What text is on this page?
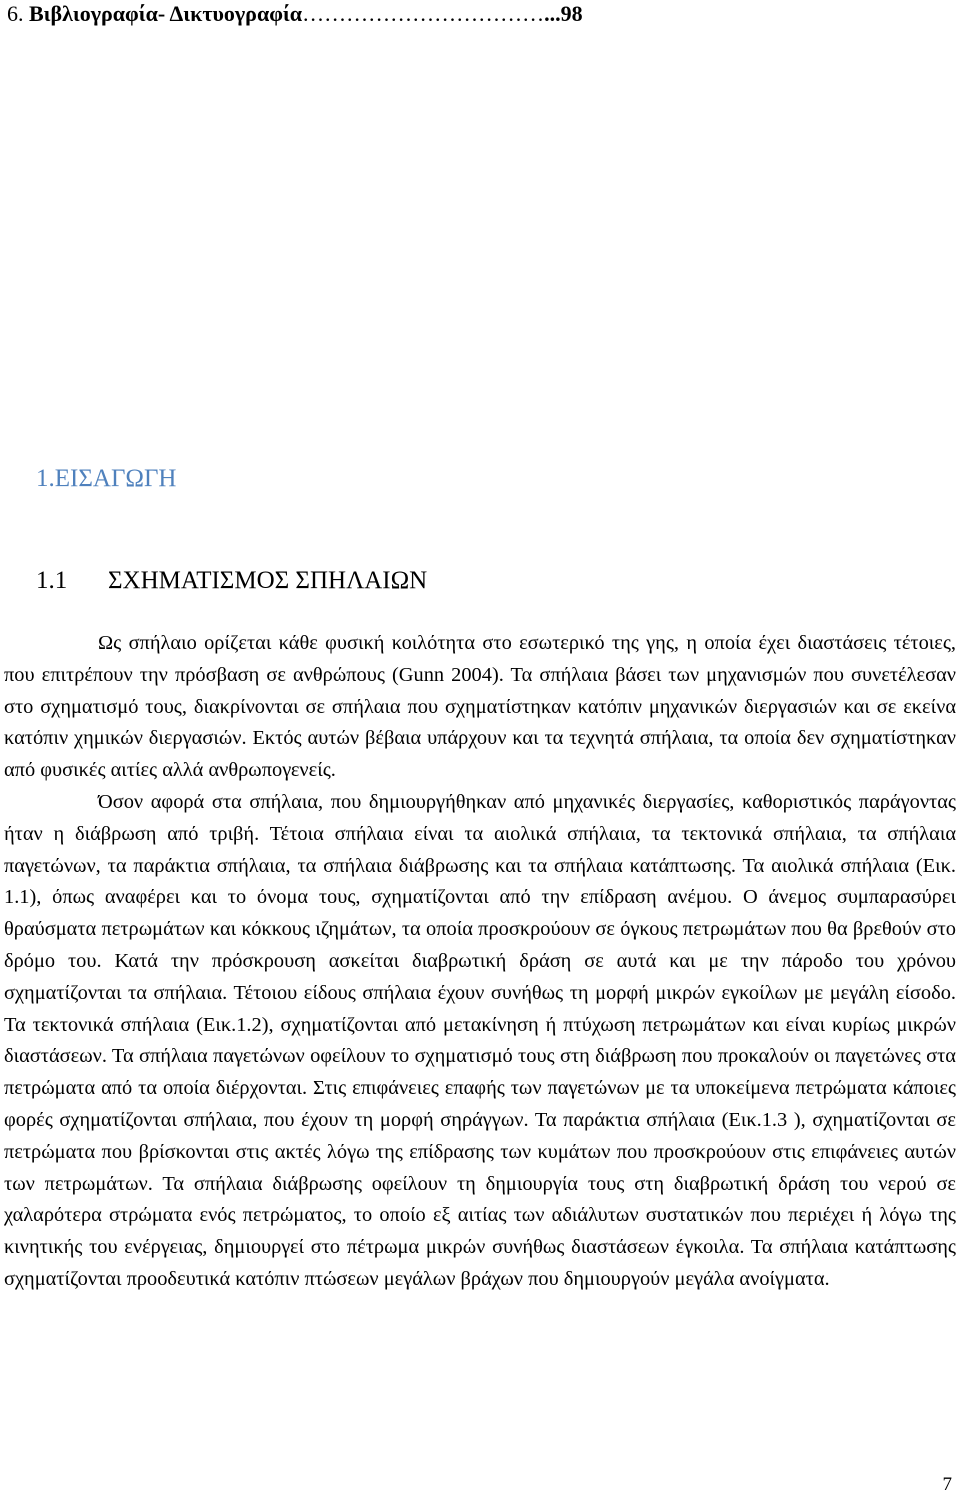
6. Βιβλιογραφία- Δικτυογραφία……………………………...98
1.ΕΙΣΑΓΩΓΗ
1.1 ΣΧΗΜΑΤΙΣΜΟΣ ΣΠΗΛΑΙΩΝ

Ως σπήλαιο ορίζεται κάθε φυσική κοιλότητα στο εσωτερικό της γης, η οποία έχει διαστάσεις τέτοιες, που επιτρέπουν την πρόσβαση σε ανθρώπους (Gunn 2004). Τα σπήλαια βάσει των μηχανισμών που συνετέλεσαν στο σχηματισμό τους, διακρίνονται σε σπήλαια που σχηματίστηκαν κατόπιν μηχανικών διεργασιών και σε εκείνα κατόπιν χημικών διεργασιών. Εκτός αυτών βέβαια υπάρχουν και τα τεχνητά σπήλαια, τα οποία δεν σχηματίστηκαν από φυσικές αιτίες αλλά ανθρωπογενείς.

Όσον αφορά στα σπήλαια, που δημιουργήθηκαν από μηχανικές διεργασίες, καθοριστικός παράγοντας ήταν η διάβρωση από τριβή. Τέτοια σπήλαια είναι τα αιολικά σπήλαια, τα τεκτονικά σπήλαια, τα σπήλαια παγετώνων, τα παράκτια σπήλαια, τα σπήλαια διάβρωσης και τα σπήλαια κατάπτωσης. Τα αιολικά σπήλαια (Εικ. 1.1), όπως αναφέρει και το όνομα τους, σχηματίζονται από την επίδραση ανέμου. Ο άνεμος συμπαρασύρει θραύσματα πετρωμάτων και κόκκους ιζημάτων, τα οποία προσκρούουν σε όγκους πετρωμάτων που θα βρεθούν στο δρόμο του. Κατά την πρόσκρουση ασκείται διαβρωτική δράση σε αυτά και με την πάροδο του χρόνου σχηματίζονται τα σπήλαια. Τέτοιου είδους σπήλαια έχουν συνήθως τη μορφή μικρών εγκοίλων με μεγάλη είσοδο. Τα τεκτονικά σπήλαια (Εικ.1.2), σχηματίζονται από μετακίνηση ή πτύχωση πετρωμάτων και είναι κυρίως μικρών διαστάσεων. Τα σπήλαια παγετώνων οφείλουν το σχηματισμό τους στη διάβρωση που προκαλούν οι παγετώνες στα πετρώματα από τα οποία διέρχονται. Στις επιφάνειες επαφής των παγετώνων με τα υποκείμενα πετρώματα κάποιες φορές σχηματίζονται σπήλαια, που έχουν τη μορφή σηράγγων. Τα παράκτια σπήλαια (Εικ.1.3 ), σχηματίζονται σε πετρώματα που βρίσκονται στις ακτές λόγω της επίδρασης των κυμάτων που προσκρούουν στις επιφάνειες αυτών των πετρωμάτων. Τα σπήλαια διάβρωσης οφείλουν τη δημιουργία τους στη διαβρωτική δράση του νερού σε χαλαρότερα στρώματα ενός πετρώματος, το οποίο εξ αιτίας των αδιάλυτων συστατικών που περιέχει ή λόγω της κινητικής του ενέργειας, δημιουργεί στο πέτρωμα μικρών συνήθως διαστάσεων έγκοιλα. Τα σπήλαια κατάπτωσης σχηματίζονται προοδευτικά κατόπιν πτώσεων μεγάλων βράχων που δημιουργούν μεγάλα ανοίγματα.

7
